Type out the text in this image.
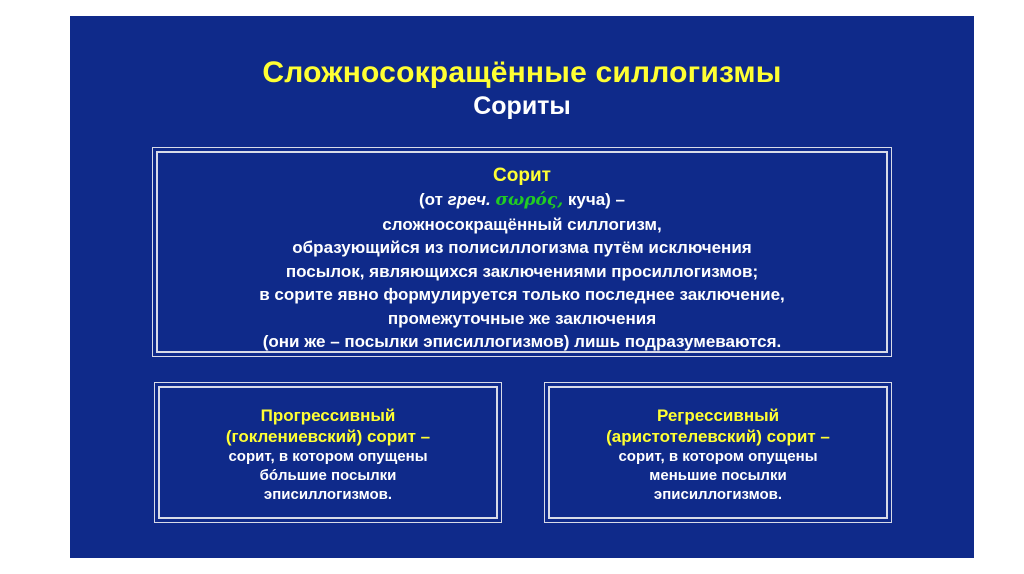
Сложносокращённые силлогизмы
Сориты
Сорит
(от греч. σωρός, куча) –
сложносокращённый силлогизм,
образующийся из полисиллогизма путём исключения
посылок, являющихся заключениями просиллогизмов;
в сорите явно формулируется только последнее заключение,
промежуточные же заключения
(они же – посылки эписиллогизмов) лишь подразумеваются.
Прогрессивный
(гоклениевский) сорит –
сорит, в котором опущены
бóльшие посылки
эписиллогизмов.
Регрессивный
(аристотелевский) сорит –
сорит, в котором опущены
меньшие посылки
эписиллогизмов.
